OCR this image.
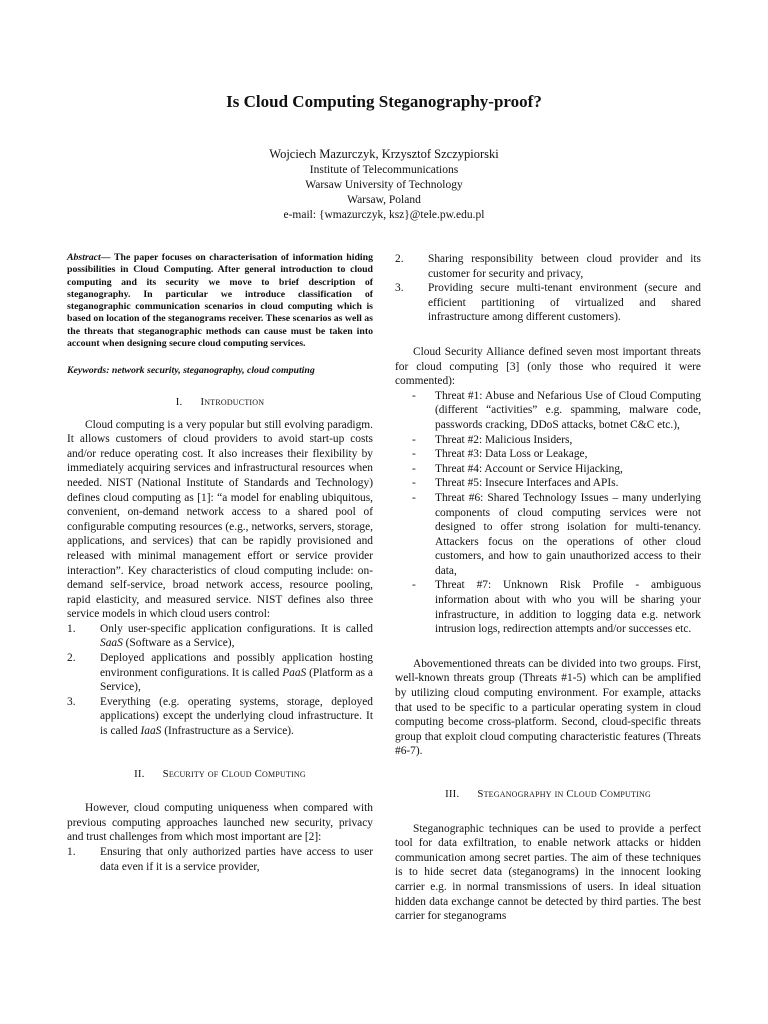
Is Cloud Computing Steganography-proof?
Wojciech Mazurczyk, Krzysztof Szczypiorski
Institute of Telecommunications
Warsaw University of Technology
Warsaw, Poland
e-mail: {wmazurczyk, ksz}@tele.pw.edu.pl
Abstract— The paper focuses on characterisation of information hiding possibilities in Cloud Computing. After general introduction to cloud computing and its security we move to brief description of steganography. In particular we introduce classification of steganographic communication scenarios in cloud computing which is based on location of the steganograms receiver. These scenarios as well as the threats that steganographic methods can cause must be taken into account when designing secure cloud computing services.
Keywords: network security, steganography, cloud computing
I. Introduction

Cloud computing is a very popular but still evolving paradigm. It allows customers of cloud providers to avoid start-up costs and/or reduce operating cost. It also increases their flexibility by immediately acquiring services and infrastructural resources when needed. NIST (National Institute of Standards and Technology) defines cloud computing as [1]: “a model for enabling ubiquitous, convenient, on-demand network access to a shared pool of configurable computing resources (e.g., networks, servers, storage, applications, and services) that can be rapidly provisioned and released with minimal management effort or service provider interaction”. Key characteristics of cloud computing include: on-demand self-service, broad network access, resource pooling, rapid elasticity, and measured service. NIST defines also three service models in which cloud users control:

1. Only user-specific application configurations. It is called SaaS (Software as a Service),
2. Deployed applications and possibly application hosting environment configurations. It is called PaaS (Platform as a Service),
3. Everything (e.g. operating systems, storage, deployed applications) except the underlying cloud infrastructure. It is called IaaS (Infrastructure as a Service).
II. Security of Cloud Computing

However, cloud computing uniqueness when compared with previous computing approaches launched new security, privacy and trust challenges from which most important are [2]:

1. Ensuring that only authorized parties have access to user data even if it is a service provider,
2. Sharing responsibility between cloud provider and its customer for security and privacy,
3. Providing secure multi-tenant environment (secure and efficient partitioning of virtualized and shared infrastructure among different customers).

Cloud Security Alliance defined seven most important threats for cloud computing [3] (only those who required it were commented):

- Threat #1: Abuse and Nefarious Use of Cloud Computing (different “activities” e.g. spamming, malware code, passwords cracking, DDoS attacks, botnet C&C etc.),
- Threat #2: Malicious Insiders,
- Threat #3: Data Loss or Leakage,
- Threat #4: Account or Service Hijacking,
- Threat #5: Insecure Interfaces and APIs.
- Threat #6: Shared Technology Issues – many underlying components of cloud computing services were not designed to offer strong isolation for multi-tenancy. Attackers focus on the operations of other cloud customers, and how to gain unauthorized access to their data,
- Threat #7: Unknown Risk Profile - ambiguous information about with who you will be sharing your infrastructure, in addition to logging data e.g. network intrusion logs, redirection attempts and/or successes etc.

Abovementioned threats can be divided into two groups. First, well-known threats group (Threats #1-5) which can be amplified by utilizing cloud computing environment. For example, attacks that used to be specific to a particular operating system in cloud computing become cross-platform. Second, cloud-specific threats group that exploit cloud computing characteristic features (Threats #6-7).

III. Steganography in Cloud Computing

Steganographic techniques can be used to provide a perfect tool for data exfiltration, to enable network attacks or hidden communication among secret parties. The aim of these techniques is to hide secret data (steganograms) in the innocent looking carrier e.g. in normal transmissions of users. In ideal situation hidden data exchange cannot be detected by third parties. The best carrier for steganograms
